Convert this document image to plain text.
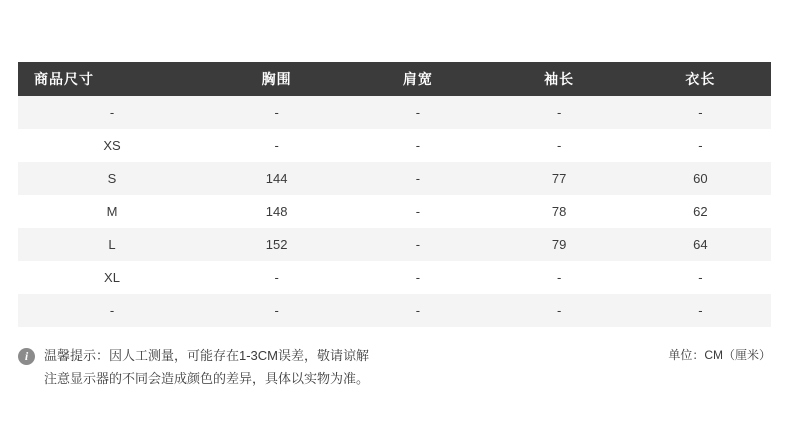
商品尺寸	胸围	肩宽	袖长	衣长
-	-	-	-	-
XS	-	-	-	-
S	144	-	77	60
M	148	-	78	62
L	152	-	79	64
XL	-	-	-	-
-	-	-	-	-
i	温馨提示：因人工测量，可能存在1-3CM误差，敬请谅解
注意显示器的不同会造成颜色的差异，具体以实物为准。
单位：CM（厘米）
